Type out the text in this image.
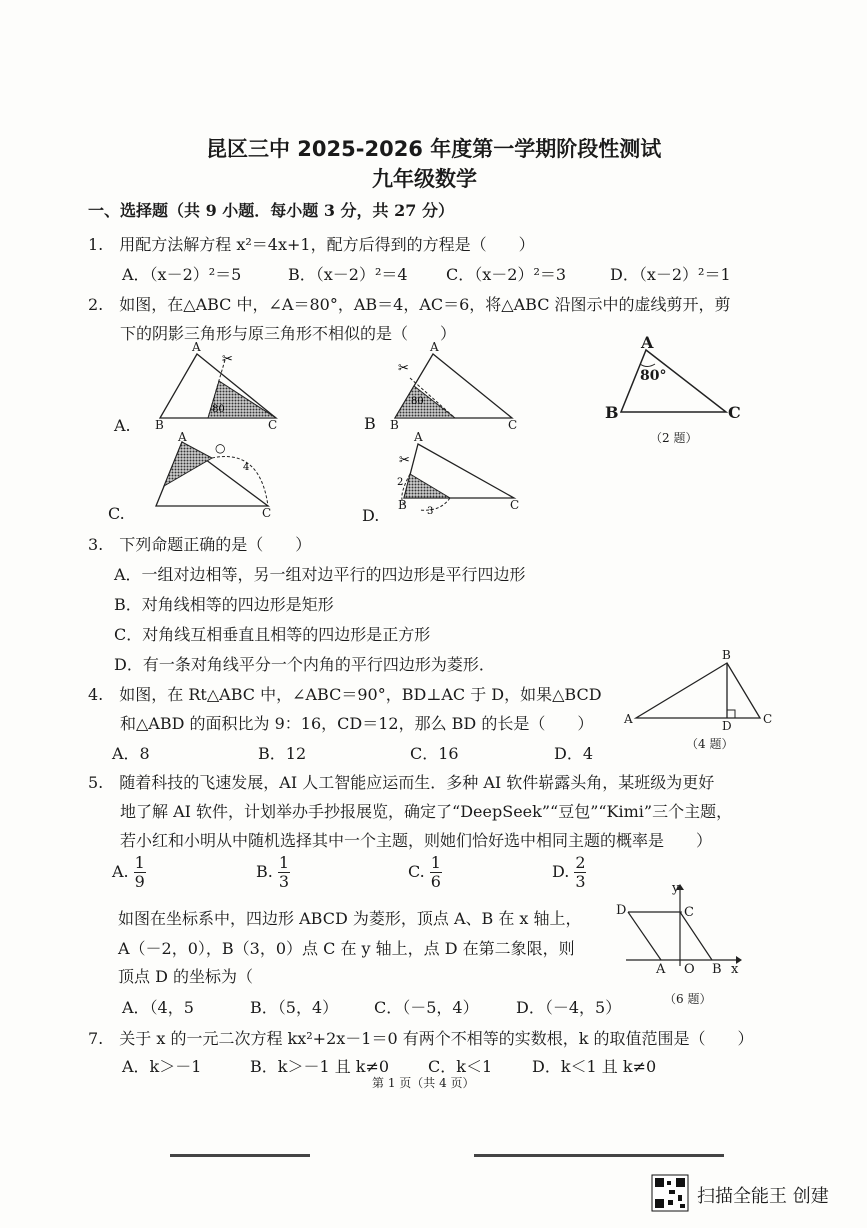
昆区三中 2025-2026 年度第一学期阶段性测试
九年级数学
一、选择题（共 9 小题．每小题 3 分，共 27 分）
1.　用配方法解方程 x²＝4x+1，配方后得到的方程是（　　）
A．（x－2）²＝5	B．（x－2）²＝4 C．（x－2）²＝3	D．（x－2）²＝1
2.　如图，在△ABC 中，∠A＝80°，AB＝4，AC＝6，将△ABC 沿图示中的虚线剪开，剪
下的阴影三角形与原三角形不相似的是（　　）
✂
80
A
B	C
A.
✂
80
A
B	C
B
A
80°
B	C
（2 题）
○
4
A
C
C.
✂
2
3
A
B	C
D.
3.　下列命题正确的是（　　）
A．一组对边相等，另一组对边平行的四边形是平行四边形
B．对角线相等的四边形是矩形
C．对角线互相垂直且相等的四边形是正方形
D．有一条对角线平分一个内角的平行四边形为菱形．
4.　如图，在 Rt△ABC 中，∠ABC＝90°，BD⊥AC 于 D，如果△BCD
和△ABD 的面积比为 9：16，CD＝12，那么 BD 的长是（　　）
A．8	B．12	C．16	D．4
B
A	D	C
（4 题）
5.　随着科技的飞速发展，AI 人工智能应运而生．多种 AI 软件崭露头角，某班级为更好
地了解 AI 软件，计划举办手抄报展览，确定了“DeepSeek”“豆包”“Kimi”三个主题，
若小红和小明从中随机选择其中一个主题，则她们恰好选中相同主题的概率是　　）
A. $\frac{1}{9}$	B. $\frac{1}{3}$	C. $\frac{1}{6}$	D. $\frac{2}{3}$
如图在坐标系中，四边形 ABCD 为菱形，顶点 A、B 在 x 轴上，
A（－2，0），B（3，0）点 C 在 y 轴上，点 D 在第二象限，则
顶点 D 的坐标为（
A．（4，5	B．（5，4） C．（－5，4） D．（－4，5）
y
D	C
A O B x
（6 题）
7.　关于 x 的一元二次方程 kx²+2x－1＝0 有两个不相等的实数根，k 的取值范围是（　　）
A．k＞－1	B．k＞－1 且 k≠0 C．k＜1 D．k＜1 且 k≠0
第 1 页（共 4 页）
扫描全能王 创建
